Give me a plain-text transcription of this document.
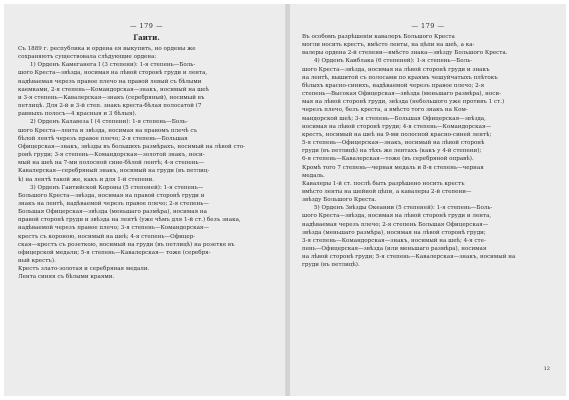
— 179 —
Гаити.
Съ 1889 г. республика и ордена ея выкупить, но ордены же
сохраняютъ существовала слѣдующие ордена:
1) Орденъ Камеганега I (3 степени): 1-я степень—Боль-
шого Креста—звѣзда, носимая на лѣвой сторонѣ груди и лента,
надѣваемая черезъ правое плечо на правой левый съ бѣлыми
каемками, 2-я степень—Командорская—знакъ, носимый на шеѣ
и 3-я степень—Кавалерская—знакъ (серебряный), носимый въ
петлицѣ. Для 2-й и 3-й степ. знакъ креста-бѣлая полосатой (7
равныхъ полосъ—4 красныя и 3 бѣлыя).
2) Орденъ Калавеза I (4 степени): 1-я степень—Боль-
шого Креста—лента и звѣзда, носимая на правомъ плечѣ съ
бѣлой лентѣ черезъ правое плечо; 2-я степень—Большая
Офицерская—знакъ, звѣзды въ большихъ размѣрахъ, носимый на лѣвой сто-
ронѣ груди; 3-я степень—Командорская—золотой знакъ, носи-
мый на шеѣ на 7-ми полосной сине-бѣлой лентѣ; 4-я степень—
Кавалерская—серебряный знакъ, носимый на груди (въ петлиц-
ѣ) на лентѣ такой же, какъ и для 1-й степени.
3) Орденъ Гаитийской Короны (5 степеней): 1-я степень—
Большого Креста—звѣзда, носимая на правой сторонѣ груди и
знакъ на лентѣ, надѣваемой черезъ правое плечо; 2-я степень—
Большая Офицерская—звѣзда (меньшаго размѣра), носимая на
правой сторонѣ груди и звѣзда на лентѣ (уже чѣмъ для 1-й ст.) безъ знака,
надѣваемой черезъ правое плечо; 3-я степень—Командорская—
крестъ съ короною, носимый на шеѣ; 4-я степень—Офицер-
ская—крестъ съ розеткою, носимый на груди (въ петлицѣ) на розетке въ
офицерской медали; 5-я степень—Кавалерская— тоже (серебря-
ный крестъ).
Крестъ злато-золотая и серебряная медали.
Лента синяя съ бѣлыми краями.
— 179 —
Въ особомъ разрѣшеніи кавалеръ Большого Креста
могли носить крестъ, вмѣсто ленты, на цѣпи на шеѣ, а ка-
валеры ордена 2-й степени—вмѣсто знака—звѣзду Большого Креста.
4) Орденъ Каиблака (6 степеней): 1-я степень—Боль-
шого Креста—звѣзда, носимая на лѣвой сторонѣ груди и знакъ
на лентѣ, вышитой съ полосами по краямъ чешуйчатыхъ плѣтокъ
бѣлыхъ красно-синихъ, надѣваемой черезъ правое плечо; 2-я
степень—Высокая Офицерская—звѣзда (меньшаго размѣра), носи-
мая на лѣвой сторонѣ груди, звѣзда (небольшого уже противъ 1 ст.)
черезъ плечо, безъ креста, а вмѣсто того знакъ на Ком-
мандорской шеѣ; 3-я степень—Большая Офицерская—звѣзда,
носимая на лѣвой сторонѣ груди; 4-я степень—Командорская—
крестъ, носимый на шеѣ на 9-ми полосной красно-синей лентѣ;
5-я степень—Офицерская—знакъ, носимый на лѣвой сторонѣ
груди (въ петлицѣ) на тѣхъ же лентахъ (какъ у 4-й степени);
6-я степень—Кавалерская—тоже (въ серебряной оправѣ).
Кромѣ того 7 степень—черная медаль и 8-я степень—черная
медаль.
Кавалеры 1-й ст. послѣ быть разрѣшено носить крестъ
вмѣсто ленты на шейной цѣпи, а кавалеры 2-й степени—
звѣзду Большого Креста.
5) Орденъ Звѣзды Океании (5 степеней): 1-я степень—Боль-
шого Креста—звѣзда, носимая на лѣвой сторонѣ груди и лента,
надѣваемая черезъ плечо; 2-я степень Большая Офицерская—
звѣзда (меньшаго размѣра), носимая на лѣвой сторонѣ груди;
3-я степень—Командорская—знакъ, носимый на шеѣ; 4-я сте-
пень—Офицерская—звѣзда (или меньшаго размѣра), носимая
на лѣвой сторонѣ груди; 5-я степень—Кавалерская—знакъ, носимый на
груди (въ петлицѣ).
12
